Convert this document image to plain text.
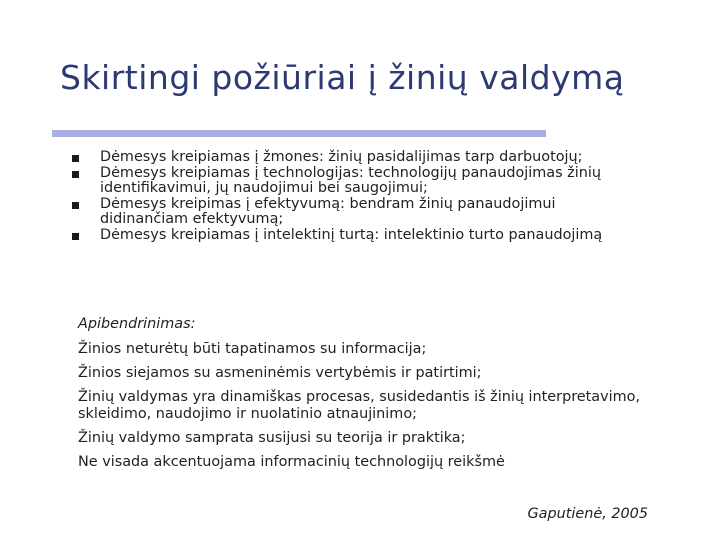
Skirtingi požiūriai į žinių valdymą
Dėmesys kreipiamas į žmones: žinių pasidalijimas tarp darbuotojų;
Dėmesys kreipiamas į technologijas: technologijų panaudojimas žinių identifikavimui, jų naudojimui bei saugojimui;
Dėmesys kreipimas į efektyvumą: bendram žinių panaudojimui didinančiam efektyvumą;
Dėmesys kreipiamas į intelektinį turtą: intelektinio turto panaudojimą

Apibendrinimas:

Žinios neturėtų būti tapatinamos su informacija;

Žinios siejamos su asmeninėmis vertybėmis ir patirtimi;

Žinių valdymas yra dinamiškas procesas, susidedantis iš žinių interpretavimo, skleidimo, naudojimo ir nuolatinio atnaujinimo;

Žinių valdymo samprata susijusi su teorija ir praktika;

Ne visada akcentuojama informacinių technologijų reikšmė

Gaputienė, 2005
